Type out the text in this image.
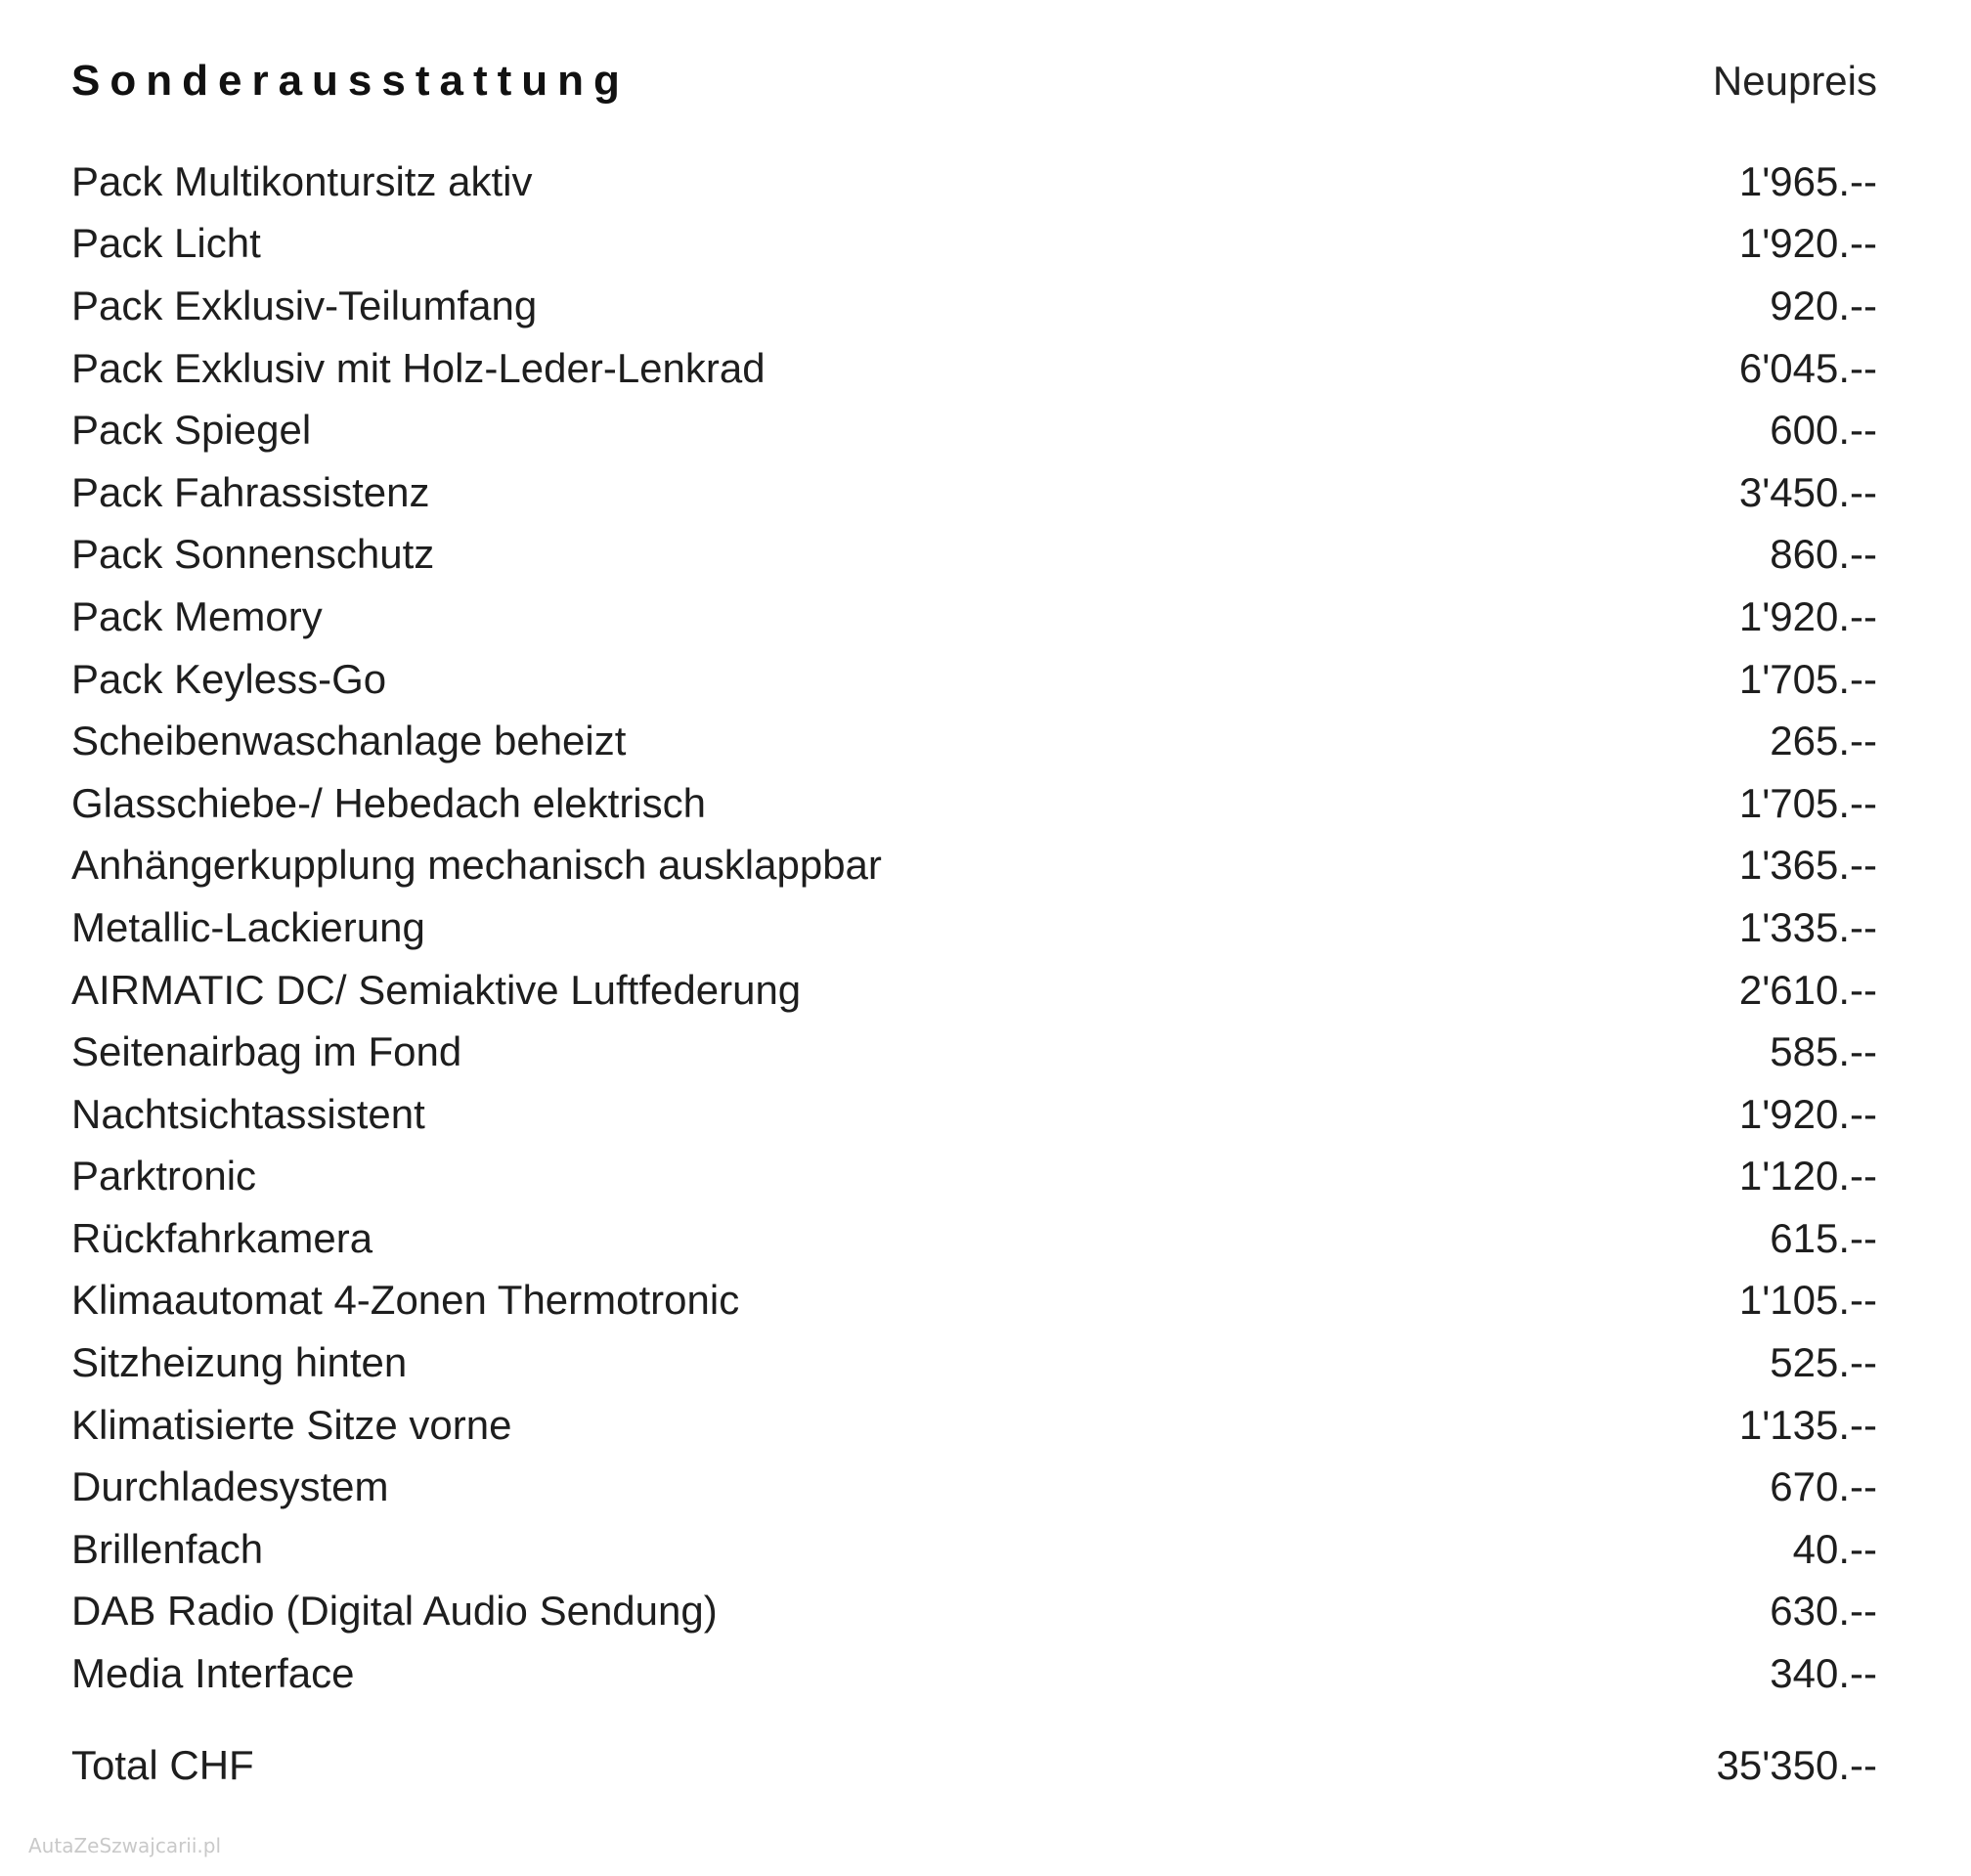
Sonderausstattung	Neupreis
Pack Multikontursitz aktiv	1'965.--
Pack Licht	1'920.--
Pack Exklusiv-Teilumfang	920.--
Pack Exklusiv mit Holz-Leder-Lenkrad	6'045.--
Pack Spiegel	600.--
Pack Fahrassistenz	3'450.--
Pack Sonnenschutz	860.--
Pack Memory	1'920.--
Pack Keyless-Go	1'705.--
Scheibenwaschanlage beheizt	265.--
Glasschiebe-/ Hebedach elektrisch	1'705.--
Anhängerkupplung mechanisch ausklappbar	1'365.--
Metallic-Lackierung	1'335.--
AIRMATIC DC/ Semiaktive Luftfederung	2'610.--
Seitenairbag im Fond	585.--
Nachtsichtassistent	1'920.--
Parktronic	1'120.--
Rückfahrkamera	615.--
Klimaautomat 4-Zonen Thermotronic	1'105.--
Sitzheizung hinten	525.--
Klimatisierte Sitze vorne	1'135.--
Durchladesystem	670.--
Brillenfach	40.--
DAB Radio (Digital Audio Sendung)	630.--
Media Interface	340.--
Total CHF	35'350.--
AutaZeSzwajcarii.pl
